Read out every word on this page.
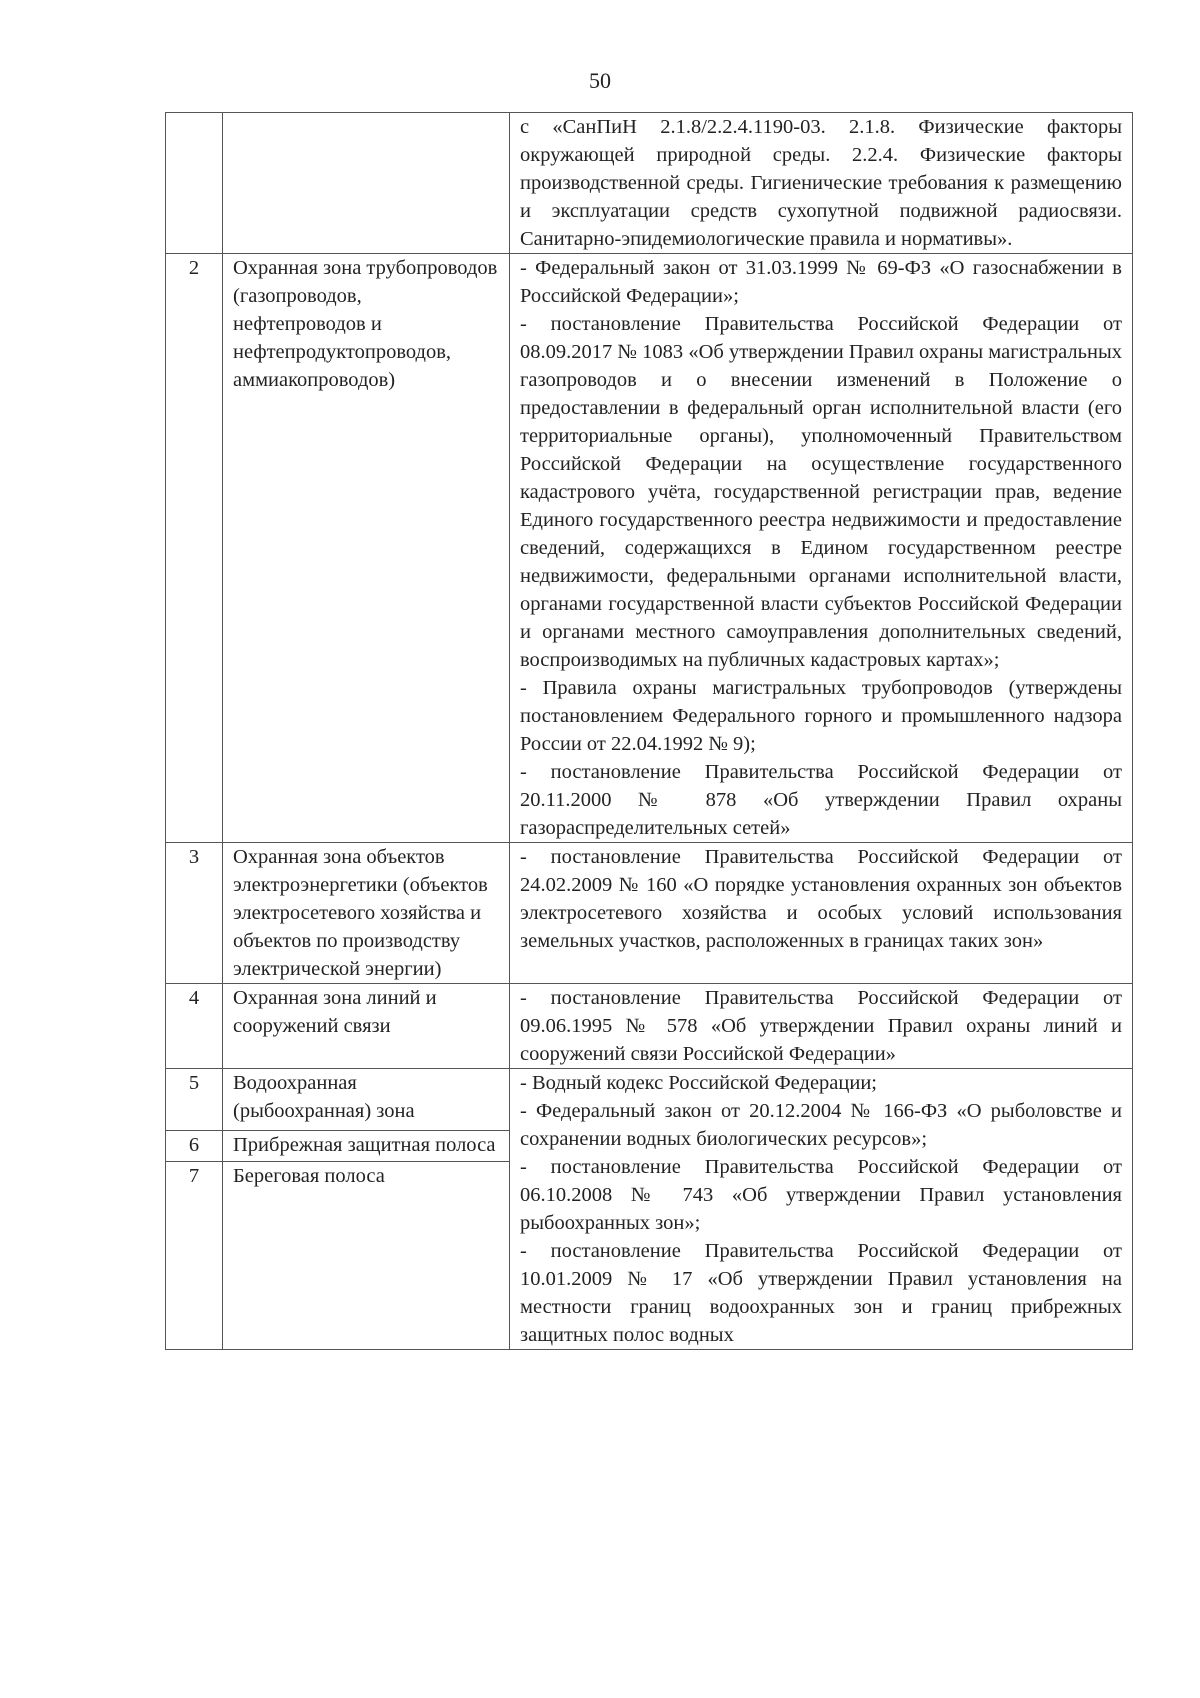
50

		с «СанПиН 2.1.8/2.2.4.1190-03. 2.1.8. Физические факторы окружающей природной среды. 2.2.4. Физические факторы производственной среды. Гигиенические требования к размещению и эксплуатации средств сухопутной подвижной радиосвязи. Санитарно-эпидемиологические правила и нормативы».

2	Охранная зона трубопроводов (газопроводов, нефтепроводов и нефтепродуктопроводов, аммиакопроводов)	- Федеральный закон от 31.03.1999 № 69-ФЗ «О газоснабжении в Российской Федерации»;
- постановление Правительства Российской Федерации от 08.09.2017 № 1083 «Об утверждении Правил охраны магистральных газопроводов и о внесении изменений в Положение о предоставлении в федеральный орган исполнительной власти (его территориальные органы), уполномоченный Правительством Российской Федерации на осуществление государственного кадастрового учёта, государственной регистрации прав, ведение Единого государственного реестра недвижимости и предоставление сведений, содержащихся в Едином государственном реестре недвижимости, федеральными органами исполнительной власти, органами государственной власти субъектов Российской Федерации и органами местного самоуправления дополнительных сведений, воспроизводимых на публичных кадастровых картах»;
- Правила охраны магистральных трубопроводов (утверждены постановлением Федерального горного и промышленного надзора России от 22.04.1992 № 9);
- постановление Правительства Российской Федерации от 20.11.2000 № 878 «Об утверждении Правил охраны газораспределительных сетей»

3	Охранная зона объектов электроэнергетики (объектов электросетевого хозяйства и объектов по производству электрической энергии)	- постановление Правительства Российской Федерации от 24.02.2009 № 160 «О порядке установления охранных зон объектов электросетевого хозяйства и особых условий использования земельных участков, расположенных в границах таких зон»

4	Охранная зона линий и сооружений связи	- постановление Правительства Российской Федерации от 09.06.1995 № 578 «Об утверждении Правил охраны линий и сооружений связи Российской Федерации»

5	Водоохранная (рыбоохранная) зона	- Водный кодекс Российской Федерации;
- Федеральный закон от 20.12.2004 № 166-ФЗ «О рыболовстве и сохранении водных биологических ресурсов»;
- постановление Правительства Российской Федерации от 06.10.2008 № 743 «Об утверждении Правил установления рыбоохранных зон»;
- постановление Правительства Российской Федерации от 10.01.2009 № 17 «Об утверждении Правил установления на местности границ водоохранных зон и границ прибрежных защитных полос водных

6	Прибрежная защитная полоса	
7	Береговая полоса	
